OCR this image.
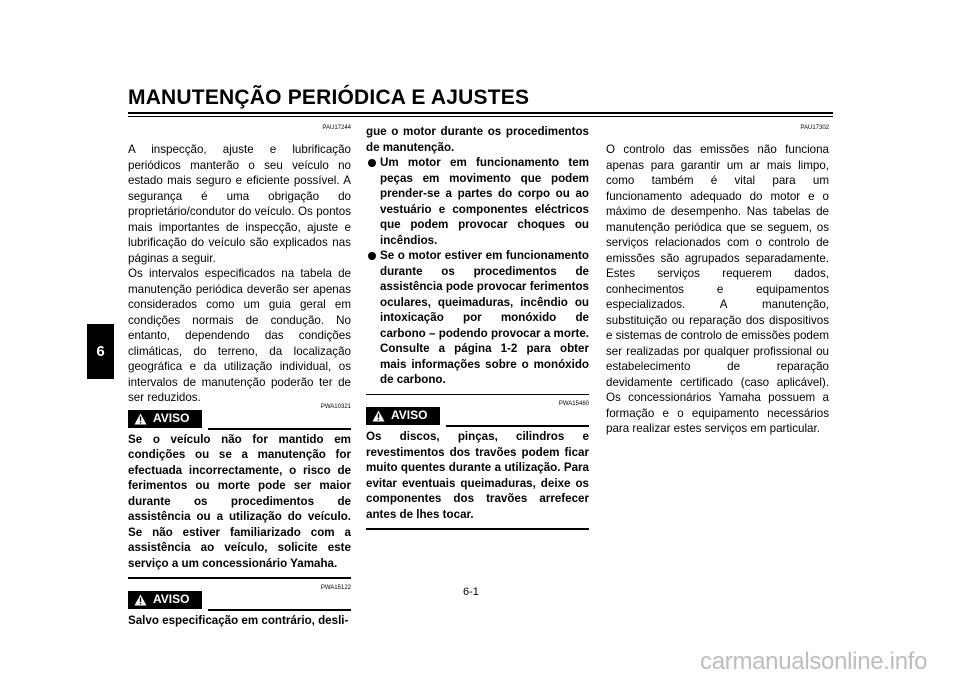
MANUTENÇÃO PERIÓDICA E AJUSTES
6
PAU17244

A inspecção, ajuste e lubrificação periódicos manterão o seu veículo no estado mais seguro e eficiente possível. A segurança é uma obrigação do proprietário/condutor do veículo. Os pontos mais importantes de inspecção, ajuste e lubrificação do veículo são explicados nas páginas a seguir.

Os intervalos especificados na tabela de manutenção periódica deverão ser apenas considerados como um guia geral em condições normais de condução. No entanto, dependendo das condições climáticas, do terreno, da localização geográfica e da utilização individual, os intervalos de manutenção poderão ter de ser reduzidos.

PWA10321
AVISO

Se o veículo não for mantido em condições ou se a manutenção for efectuada incorrectamente, o risco de ferimentos ou morte pode ser maior durante os procedimentos de assistência ou a utilização do veículo. Se não estiver familiarizado com a assistência ao veículo, solicite este serviço a um concessionário Yamaha.

PWA15122
AVISO

Salvo especificação em contrário, desli-

gue o motor durante os procedimentos de manutenção.

Um motor em funcionamento tem peças em movimento que podem prender-se a partes do corpo ou ao vestuário e componentes eléctricos que podem provocar choques ou incêndios.
Se o motor estiver em funcionamento durante os procedimentos de assistência pode provocar ferimentos oculares, queimaduras, incêndio ou intoxicação por monóxido de carbono – podendo provocar a morte. Consulte a página 1-2 para obter mais informações sobre o monóxido de carbono.
PWA15460
AVISO

Os discos, pinças, cilindros e revestimentos dos travões podem ficar muito quentes durante a utilização. Para evitar eventuais queimaduras, deixe os componentes dos travões arrefecer antes de lhes tocar.

PAU17302

O controlo das emissões não funciona apenas para garantir um ar mais limpo, como também é vital para um funcionamento adequado do motor e o máximo de desempenho. Nas tabelas de manutenção periódica que se seguem, os serviços relacionados com o controlo de emissões são agrupados separadamente. Estes serviços requerem dados, conhecimentos e equipamentos especializados. A manutenção, substituição ou reparação dos dispositivos e sistemas de controlo de emissões podem ser realizadas por qualquer profissional ou estabelecimento de reparação devidamente certificado (caso aplicável). Os concessionários Yamaha possuem a formação e o equipamento necessários para realizar estes serviços em particular.

6-1
carmanualsonline.info
